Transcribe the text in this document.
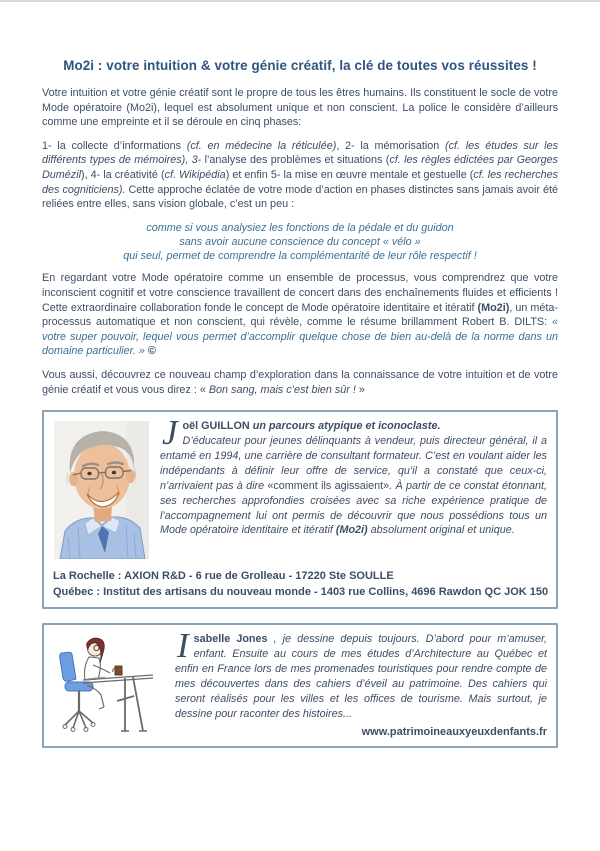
Mo2i : votre intuition & votre génie créatif, la clé de toutes vos réussites !

Votre intuition et votre génie créatif sont le propre de tous les êtres humains. Ils constituent le socle de votre Mode opératoire (Mo2i), lequel est absolument unique et non conscient. La police le considère d’ailleurs comme une empreinte et il se déroule en cinq phases:

1- la collecte d’informations (cf. en médecine la réticulée), 2- la mémorisation (cf. les études sur les différents types de mémoires), 3- l’analyse des problèmes et situations (cf. les règles édictées par Georges Dumézil), 4- la créativité (cf. Wikipédia) et enfin 5- la mise en œuvre mentale et gestuelle (cf. les recherches des cogniticiens). Cette approche éclatée de votre mode d’action en phases distinctes sans jamais avoir été reliées entre elles, sans vision globale, c’est un peu :

comme si vous analysiez les fonctions de la pédale et du guidon
sans avoir aucune conscience du concept « vélo »
qui seul, permet de comprendre la complémentarité de leur rôle respectif !

En regardant votre Mode opératoire comme un ensemble de processus, vous comprendrez que votre inconscient cognitif et votre conscience travaillent de concert dans des enchaînements fluides et efficients ! Cette extraordinaire collaboration fonde le concept de Mode opératoire identitaire et itératif (Mo2i), un méta-processus automatique et non conscient, qui révèle, comme le résume brillamment Robert B. DILTS: « votre super pouvoir, lequel vous permet d’accomplir quelque chose de bien au-delà de la norme dans un domaine particulier. » ©

Vous aussi, découvrez ce nouveau champ d’exploration dans la connaissance de votre intuition et de votre génie créatif et vous vous direz : « Bon sang, mais c’est bien sûr ! »

Joël GUILLON un parcours atypique et iconoclaste.
D’éducateur pour jeunes délinquants à vendeur, puis directeur général, il a entamé en 1994, une carrière de consultant formateur. C’est en voulant aider les indépendants à définir leur offre de service, qu’il a constaté que ceux-ci, n’arrivaient pas à dire «comment ils agissaient». À partir de ce constat étonnant, ses recherches approfondies croisées avec sa riche expérience pratique de l’accompagnement lui ont permis de découvrir que nous possédions tous un Mode opératoire identitaire et itératif (Mo2i) absolument original et unique.
La Rochelle : AXION R&D - 6 rue de Grolleau - 17220 Ste SOULLE
Québec : Institut des artisans du nouveau monde - 1403 rue Collins, 4696 Rawdon QC JOK 150
Isabelle Jones , je dessine depuis toujours. D’abord pour m’amuser, enfant. Ensuite au cours de mes études d’Architecture au Québec et enfin en France lors de mes promenades touristiques pour rendre compte de mes découvertes dans des cahiers d’éveil au patrimoine. Des cahiers qui seront réalisés pour les villes et les offices de tourisme. Mais surtout, je dessine pour raconter des histoires...
www.patrimoineauxyeuxdenfants.fr
